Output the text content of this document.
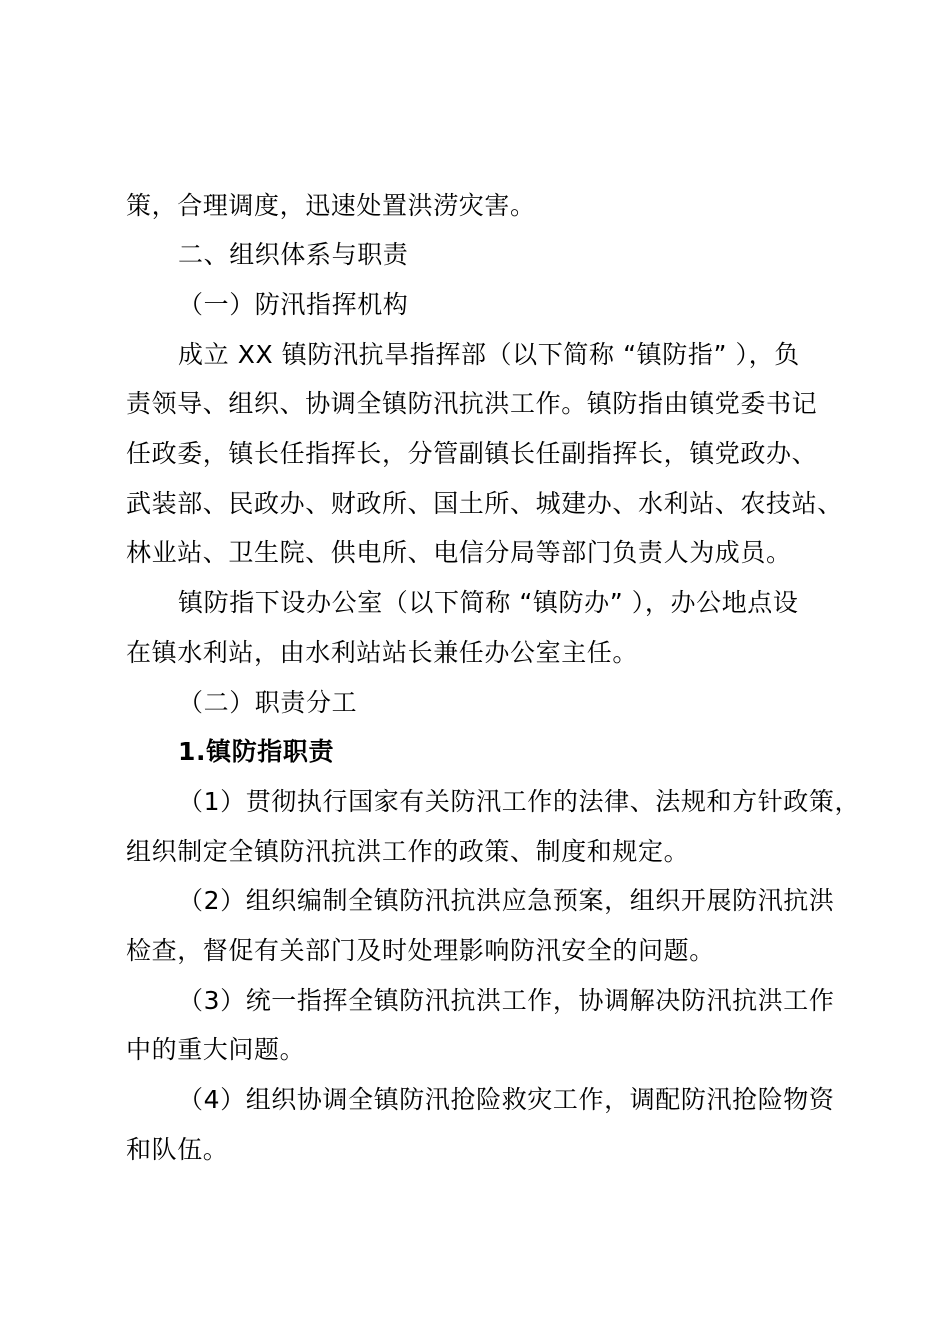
策，合理调度，迅速处置洪涝灾害。
二、组织体系与职责
（一）防汛指挥机构
成立 XX 镇防汛抗旱指挥部（以下简称 “镇防指” ），负
责领导、组织、协调全镇防汛抗洪工作。镇防指由镇党委书记
任政委，镇长任指挥长，分管副镇长任副指挥长，镇党政办、
武装部、民政办、财政所、国土所、城建办、水利站、农技站、
林业站、卫生院、供电所、电信分局等部门负责人为成员。
镇防指下设办公室（以下简称 “镇防办” ），办公地点设
在镇水利站，由水利站站长兼任办公室主任。
（二）职责分工
1.镇防指职责
（1）贯彻执行国家有关防汛工作的法律、法规和方针政策，
组织制定全镇防汛抗洪工作的政策、制度和规定。
（2）组织编制全镇防汛抗洪应急预案，组织开展防汛抗洪
检查，督促有关部门及时处理影响防汛安全的问题。
（3）统一指挥全镇防汛抗洪工作，协调解决防汛抗洪工作
中的重大问题。
（4）组织协调全镇防汛抢险救灾工作，调配防汛抢险物资
和队伍。
